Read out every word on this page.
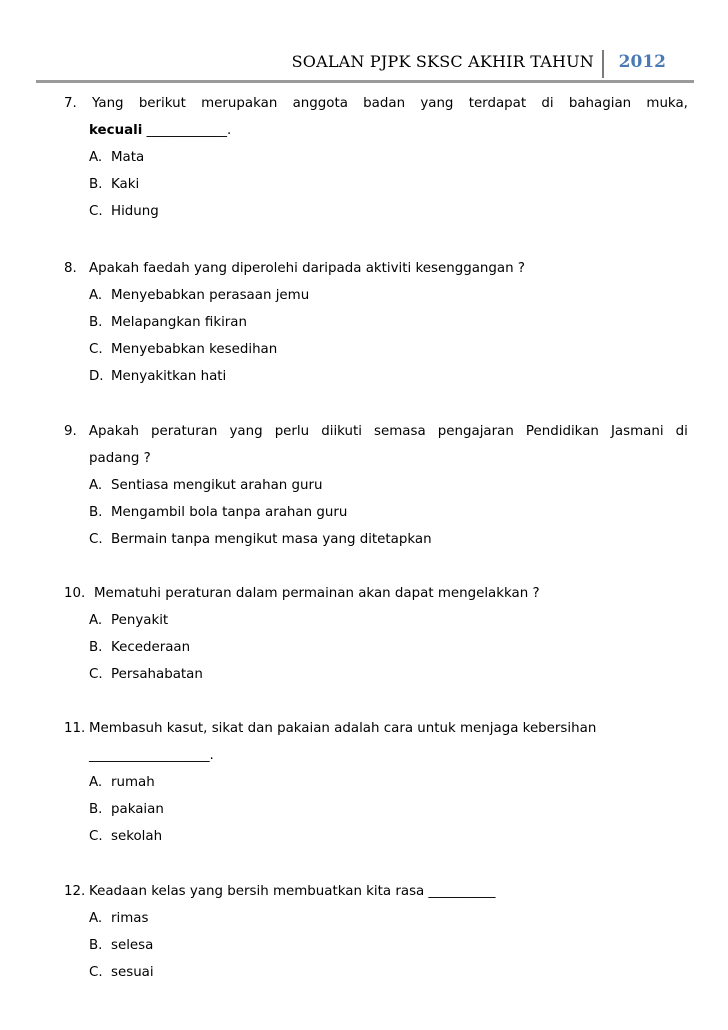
SOALAN PJPK SKSC AKHIR TAHUN	2012
7. Yang berikut merupakan anggota badan yang terdapat di bahagian muka,
kecuali ____________.
A. Mata
B. Kaki
C. Hidung
8. Apakah faedah yang diperolehi daripada aktiviti kesenggangan ?
A. Menyebabkan perasaan jemu
B. Melapangkan fikiran
C. Menyebabkan kesedihan
D. Menyakitkan hati
9. Apakah peraturan yang perlu diikuti semasa pengajaran Pendidikan Jasmani di
padang ?
A. Sentiasa mengikut arahan guru
B. Mengambil bola tanpa arahan guru
C. Bermain tanpa mengikut masa yang ditetapkan
10. Mematuhi peraturan dalam permainan akan dapat mengelakkan ?
A. Penyakit
B. Kecederaan
C. Persahabatan
11. Membasuh kasut, sikat dan pakaian adalah cara untuk menjaga kebersihan
__________________.
A. rumah
B. pakaian
C. sekolah
12. Keadaan kelas yang bersih membuatkan kita rasa __________
A. rimas
B. selesa
C. sesuai
